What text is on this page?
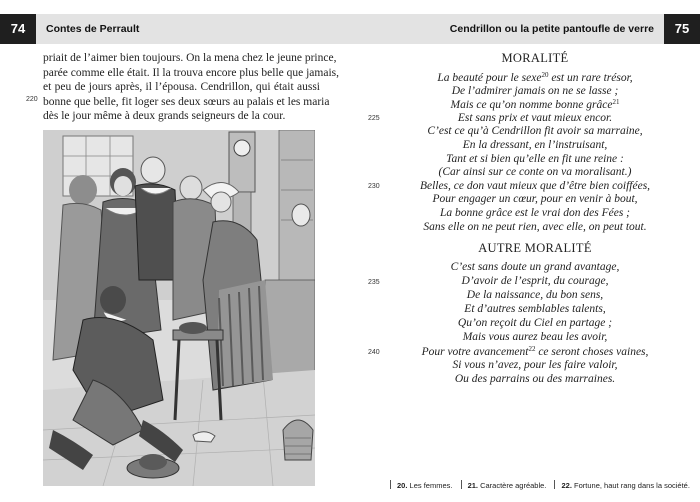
74	Contes de Perrault
priait de l’aimer bien toujours. On la mena chez le jeune prince,
parée comme elle était. Il la trouva encore plus belle que jamais,
et peu de jours après, il l’épousa. Cendrillon, qui était aussi
bonne que belle, fit loger ses deux sœurs au palais et les maria
dès le jour même à deux grands seigneurs de la cour.
220
Cendrillon ou la petite pantoufle de verre	75
MORALITÉ
La beauté pour le sexe$^{20}$ est un rare trésor,
De l’admirer jamais on ne se lasse ;
Mais ce qu’on nomme bonne grâce$^{21}$
Est sans prix et vaut mieux encor.
C’est ce qu’à Cendrillon fit avoir sa marraine,
En la dressant, en l’instruisant,
Tant et si bien qu’elle en fit une reine :
(Car ainsi sur ce conte on va moralisant.)
Belles, ce don vaut mieux que d’être bien coiffées,
Pour engager un cœur, pour en venir à bout,
La bonne grâce est le vrai don des Fées ;
Sans elle on ne peut rien, avec elle, on peut tout.
225
230
AUTRE MORALITÉ
C’est sans doute un grand avantage,
D’avoir de l’esprit, du courage,
De la naissance, du bon sens,
Et d’autres semblables talents,
Qu’on reçoit du Ciel en partage ;
Mais vous aurez beau les avoir,
Pour votre avancement$^{22}$ ce seront choses vaines,
Si vous n’avez, pour les faire valoir,
Ou des parrains ou des marraines.
235
240
20. Les femmes. 21. Caractère agréable. 22. Fortune, haut rang dans la société.
